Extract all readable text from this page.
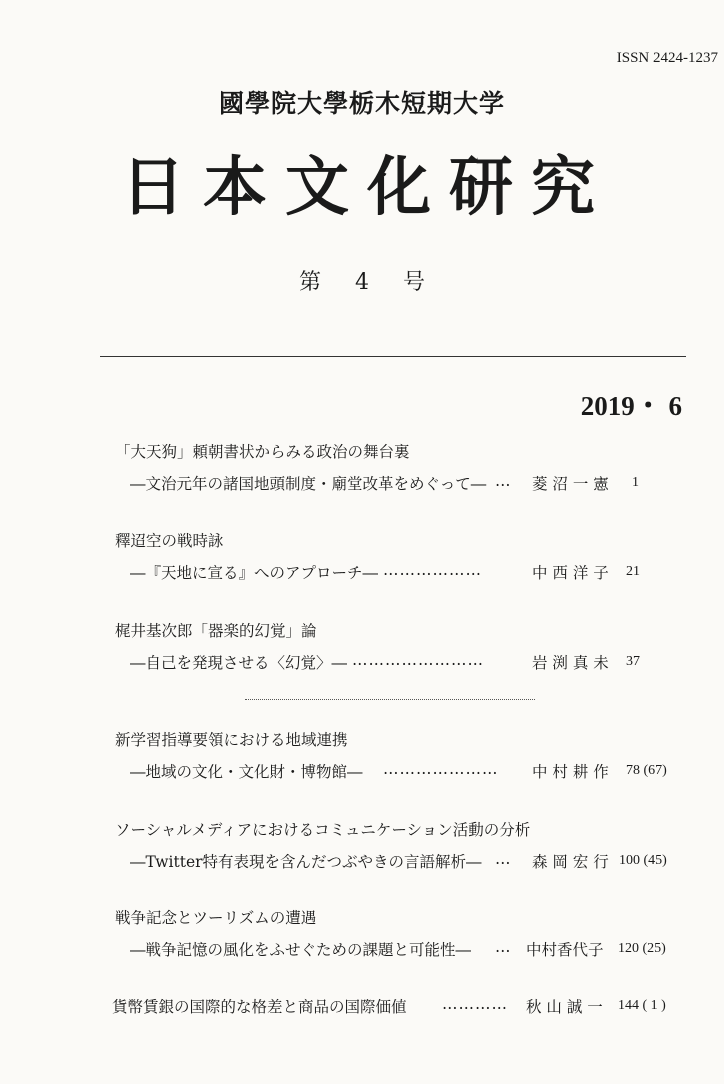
ISSN 2424-1237
國學院大學栃木短期大学
日本文化研究
第 4 号
2019・ 6
「大天狗」頼朝書状からみる政治の舞台裏
―文治元年の諸国地頭制度・廟堂改革をめぐって― … 菱 沼 一 憲 1
釋迢空の戦時詠
―『天地に宣る』へのアプローチ― ………………	中 西 洋 子 21
梶井基次郎「器楽的幻覚」論
―自己を発現させる〈幻覚〉― ……………………	岩 渕 真 未 37
新学習指導要領における地域連携
―地域の文化・文化財・博物館― ………………… 中 村 耕 作 78 (67)
ソーシャルメディアにおけるコミュニケーション活動の分析
―Twitter特有表現を含んだつぶやきの言語解析― … 森 岡 宏 行 100 (45)
戦争記念とツーリズムの遭遇
―戦争記憶の風化をふせぐための課題と可能性― … 中村香代子 120 (25)
貨幣賃銀の国際的な格差と商品の国際価値 ………… 秋 山 誠 一 144 ( 1 )
